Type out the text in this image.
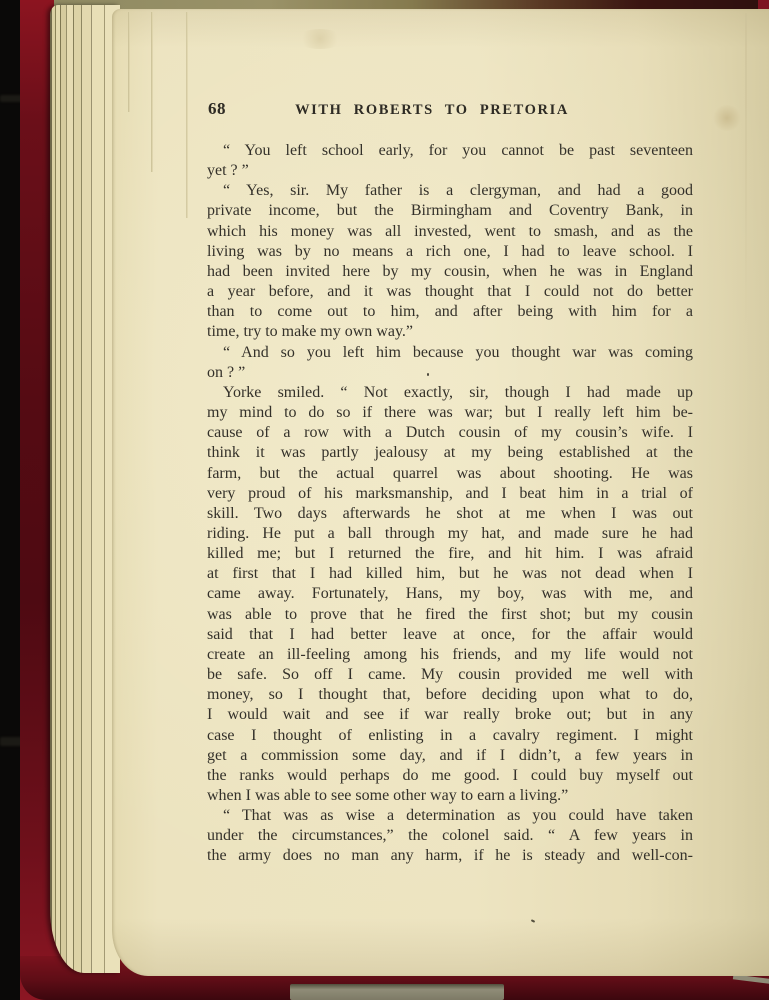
68	WITH ROBERTS TO PRETORIA
“ You left school early, for you cannot be past seventeen
yet ? ”
“ Yes, sir. My father is a clergyman, and had a good
private income, but the Birmingham and Coventry Bank, in
which his money was all invested, went to smash, and as the
living was by no means a rich one, I had to leave school. I
had been invited here by my cousin, when he was in England
a year before, and it was thought that I could not do better
than to come out to him, and after being with him for a
time, try to make my own way.”
“ And so you left him because you thought war was coming
on ? ”
Yorke smiled. “ Not exactly, sir, though I had made up
my mind to do so if there was war; but I really left him be-
cause of a row with a Dutch cousin of my cousin’s wife. I
think it was partly jealousy at my being established at the
farm, but the actual quarrel was about shooting. He was
very proud of his marksmanship, and I beat him in a trial of
skill. Two days afterwards he shot at me when I was out
riding. He put a ball through my hat, and made sure he had
killed me; but I returned the fire, and hit him. I was afraid
at first that I had killed him, but he was not dead when I
came away. Fortunately, Hans, my boy, was with me, and
was able to prove that he fired the first shot; but my cousin
said that I had better leave at once, for the affair would
create an ill-feeling among his friends, and my life would not
be safe. So off I came. My cousin provided me well with
money, so I thought that, before deciding upon what to do,
I would wait and see if war really broke out; but in any
case I thought of enlisting in a cavalry regiment. I might
get a commission some day, and if I didn’t, a few years in
the ranks would perhaps do me good. I could buy myself out
when I was able to see some other way to earn a living.”
“ That was as wise a determination as you could have taken
under the circumstances,” the colonel said. “ A few years in
the army does no man any harm, if he is steady and well-con-
